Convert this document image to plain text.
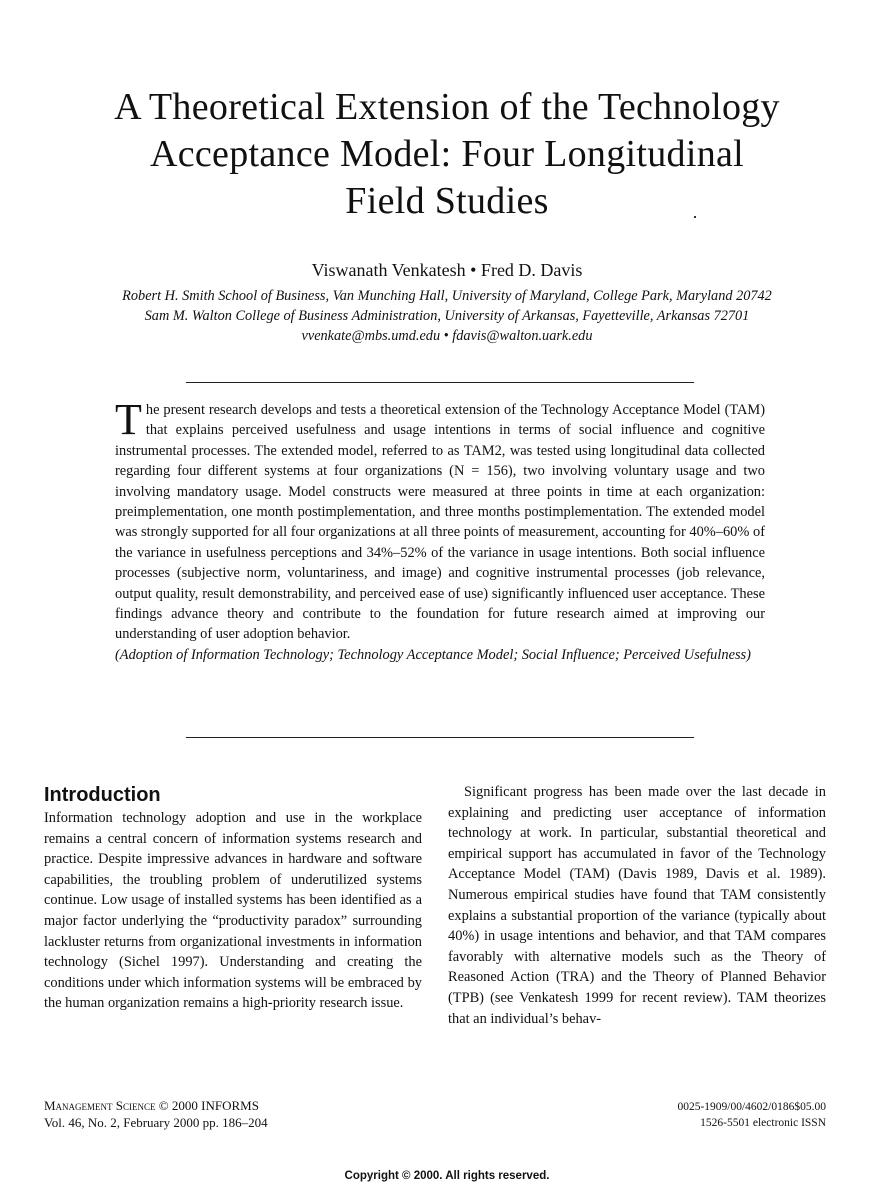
A Theoretical Extension of the Technology
Acceptance Model: Four Longitudinal
Field Studies
Viswanath Venkatesh • Fred D. Davis
Robert H. Smith School of Business, Van Munching Hall, University of Maryland, College Park, Maryland 20742
Sam M. Walton College of Business Administration, University of Arkansas, Fayetteville, Arkansas 72701
vvenkate@mbs.umd.edu • fdavis@walton.uark.edu
The present research develops and tests a theoretical extension of the Technology Acceptance Model (TAM) that explains perceived usefulness and usage intentions in terms of social influence and cognitive instrumental processes. The extended model, referred to as TAM2, was tested using longitudinal data collected regarding four different systems at four organizations (N = 156), two involving voluntary usage and two involving mandatory usage. Model constructs were measured at three points in time at each organization: preimplementation, one month postimplementation, and three months postimplementation. The extended model was strongly supported for all four organizations at all three points of measurement, accounting for 40%–60% of the variance in usefulness perceptions and 34%–52% of the variance in usage intentions. Both social influence processes (subjective norm, voluntariness, and image) and cognitive instrumental processes (job relevance, output quality, result demonstrability, and perceived ease of use) significantly influenced user acceptance. These findings advance theory and contribute to the foundation for future research aimed at improving our understanding of user adoption behavior.
(Adoption of Information Technology; Technology Acceptance Model; Social Influence; Perceived Usefulness)
Introduction
Information technology adoption and use in the workplace remains a central concern of information systems research and practice. Despite impressive advances in hardware and software capabilities, the troubling problem of underutilized systems continue. Low usage of installed systems has been identified as a major factor underlying the “productivity paradox” surrounding lackluster returns from organizational investments in information technology (Sichel 1997). Understanding and creating the conditions under which information systems will be embraced by the human organization remains a high-priority research issue.
Significant progress has been made over the last decade in explaining and predicting user acceptance of information technology at work. In particular, substantial theoretical and empirical support has accumulated in favor of the Technology Acceptance Model (TAM) (Davis 1989, Davis et al. 1989). Numerous empirical studies have found that TAM consistently explains a substantial proportion of the variance (typically about 40%) in usage intentions and behavior, and that TAM compares favorably with alternative models such as the Theory of Reasoned Action (TRA) and the Theory of Planned Behavior (TPB) (see Venkatesh 1999 for recent review). TAM theorizes that an individual’s behav-
Management Science © 2000 INFORMS
Vol. 46, No. 2, February 2000 pp. 186–204
0025-1909/00/4602/0186$05.00
1526-5501 electronic ISSN
Copyright © 2000. All rights reserved.
